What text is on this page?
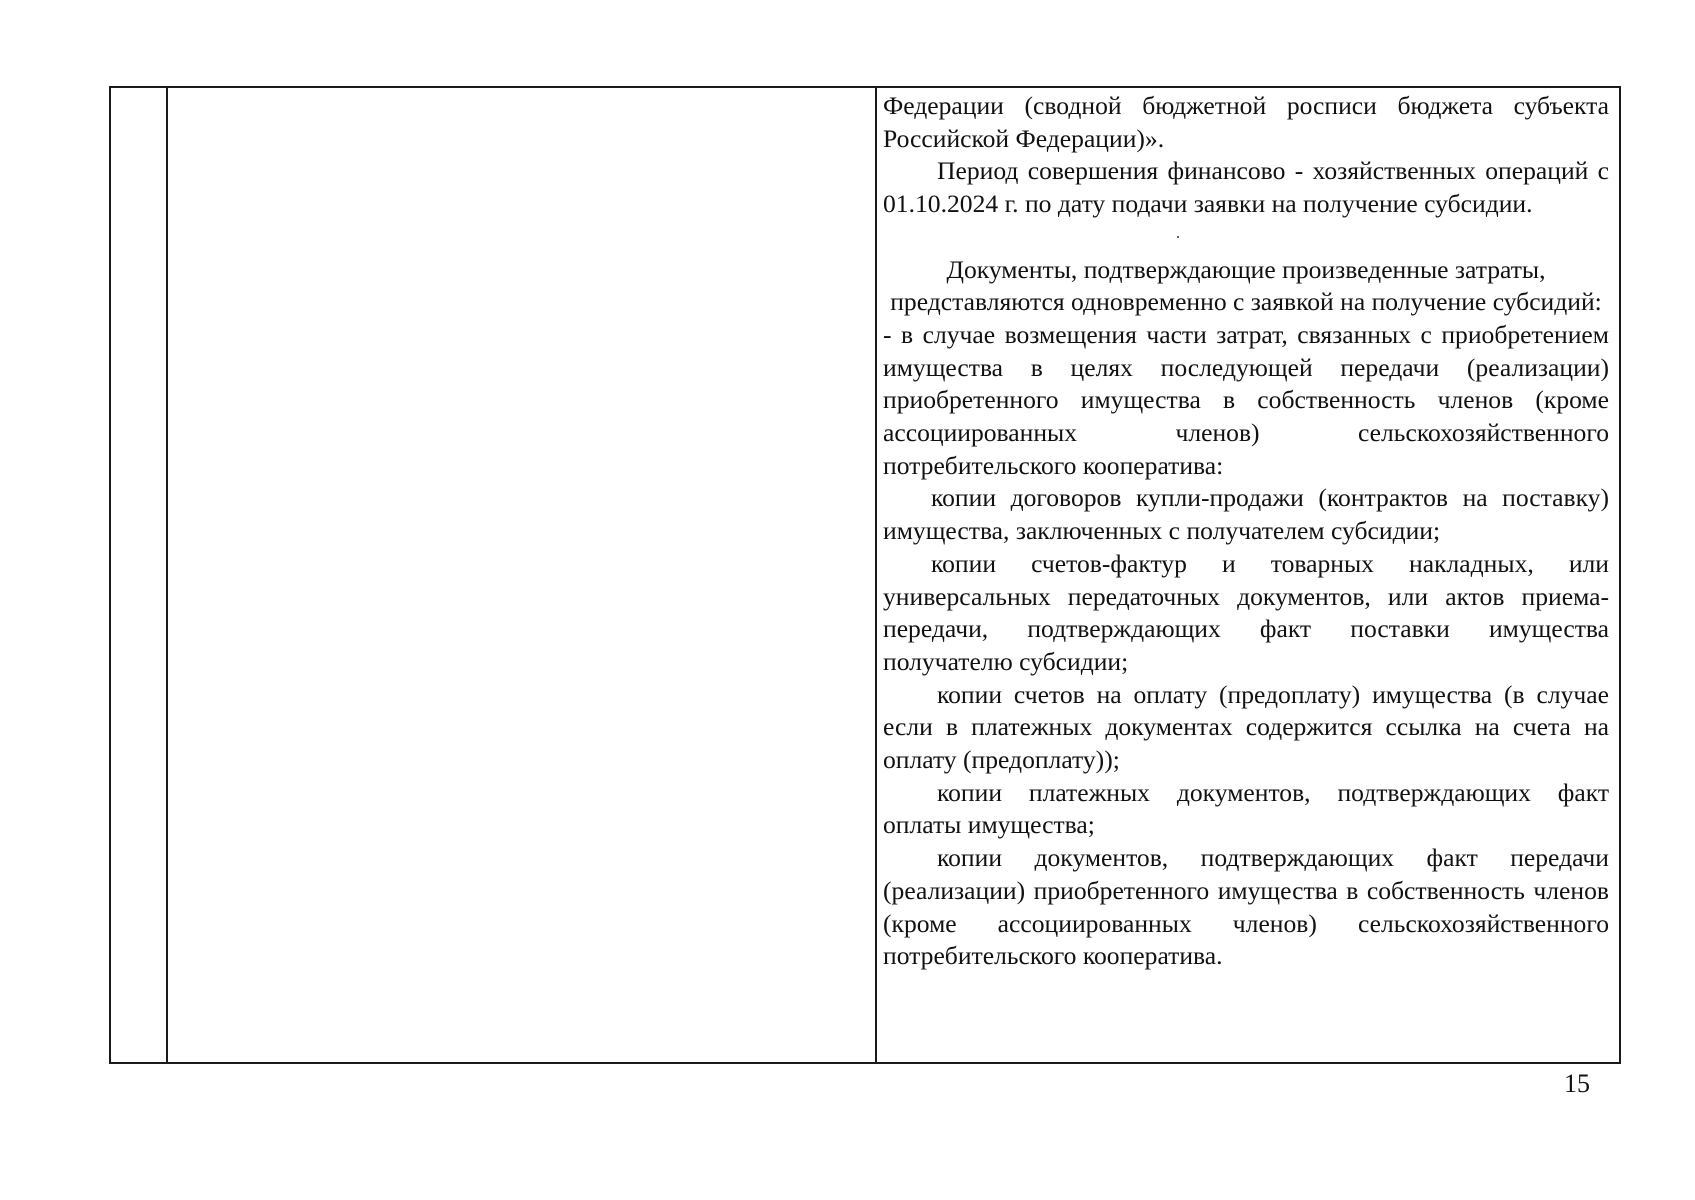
Федерации (сводной бюджетной росписи бюджета субъекта Российской Федерации)».

Период совершения финансово - хозяйственных операций с 01.10.2024 г. по дату подачи заявки на получение субсидии.

Документы, подтверждающие произведенные затраты, представляются одновременно с заявкой на получение субсидий:

- в случае возмещения части затрат, связанных с приобретением имущества в целях последующей передачи (реализации) приобретенного имущества в собственность членов (кроме ассоциированных членов) сельскохозяйственного потребительского кооператива:

копии договоров купли-продажи (контрактов на поставку) имущества, заключенных с получателем субсидии;

копии счетов-фактур и товарных накладных, или универсальных передаточных документов, или актов приема-передачи, подтверждающих факт поставки имущества получателю субсидии;

копии счетов на оплату (предоплату) имущества (в случае если в платежных документах содержится ссылка на счета на оплату (предоплату));

копии платежных документов, подтверждающих факт оплаты имущества;

копии документов, подтверждающих факт передачи (реализации) приобретенного имущества в собственность членов (кроме ассоциированных членов) сельскохозяйственного потребительского кооператива.

15
